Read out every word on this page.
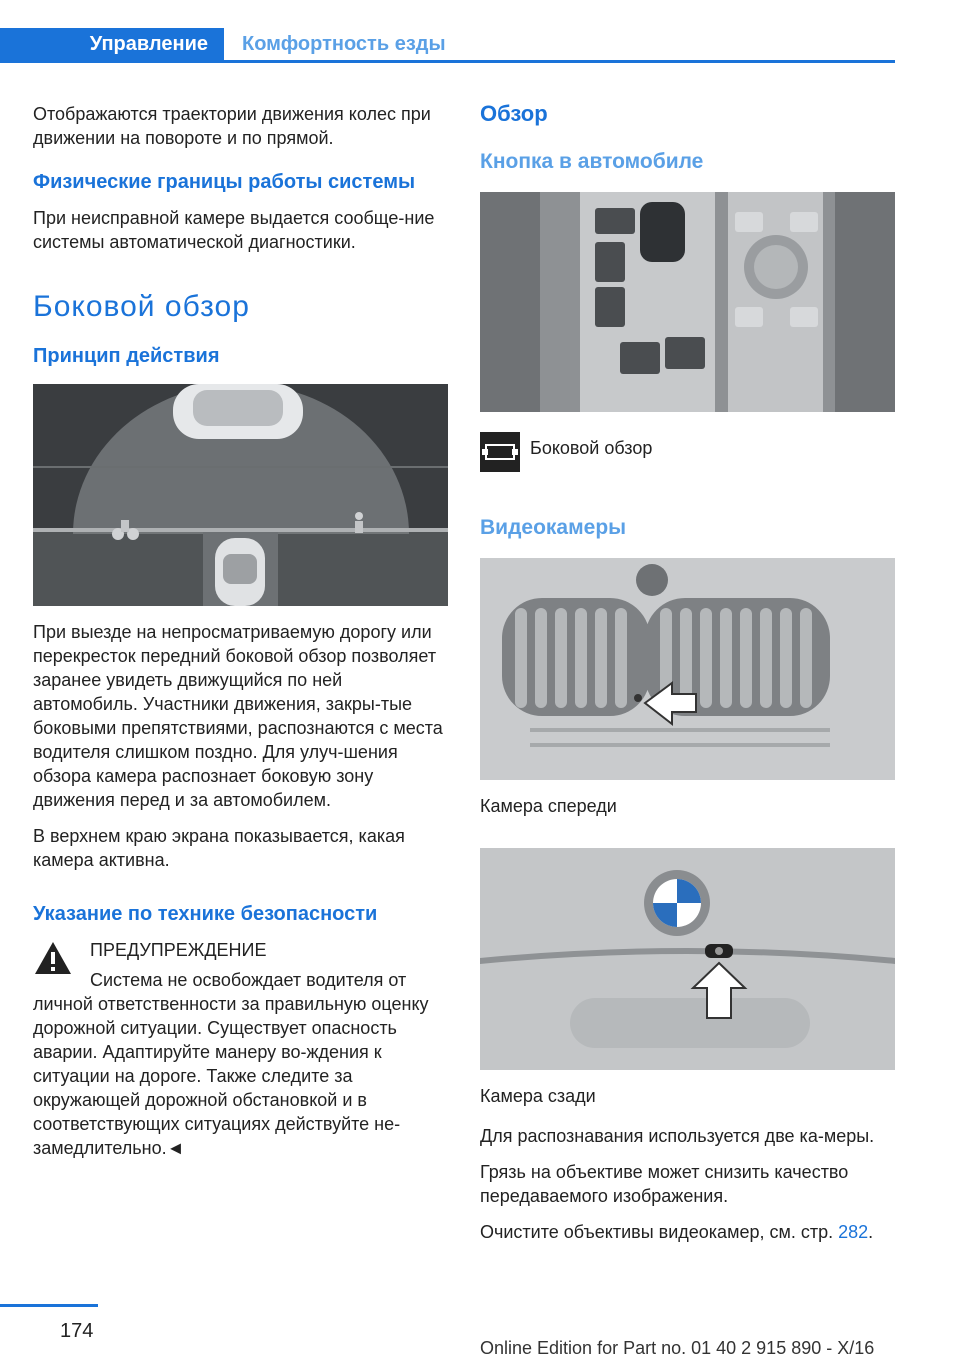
Управление Комфортность езды

Отображаются траектории движения колес при движении на повороте и по прямой.

Физические границы работы системы

При неисправной камере выдается сообще-ние системы автоматической диагностики.

Боковой обзор
Принцип действия

При выезде на непросматриваемую дорогу или перекресток передний боковой обзор позволяет заранее увидеть движущийся по ней автомобиль. Участники движения, закры-тые боковыми препятствиями, распознаются с места водителя слишком поздно. Для улуч-шения обзора камера распознает боковую зону движения перед и за автомобилем.

В верхнем краю экрана показывается, какая камера активна.

Указание по технике безопасности
ПРЕДУПРЕЖДЕНИЕ

Система не освобождает водителя от личной ответственности за правильную оценку дорожной ситуации. Существует опасность аварии. Адаптируйте манеру во-ждения к ситуации на дороге. Также следите за окружающей дорожной обстановкой и в соответствующих ситуациях действуйте не-замедлительно.◄

Обзор
Кнопка в автомобиле
Боковой обзор
Видеокамеры

Камера спереди

Камера сзади

Для распознавания используется две ка-меры.

Грязь на объективе может снизить качество передаваемого изображения.

Очистите объективы видеокамер, см. стр. 282.

174
Online Edition for Part no. 01 40 2 915 890 - X/16
